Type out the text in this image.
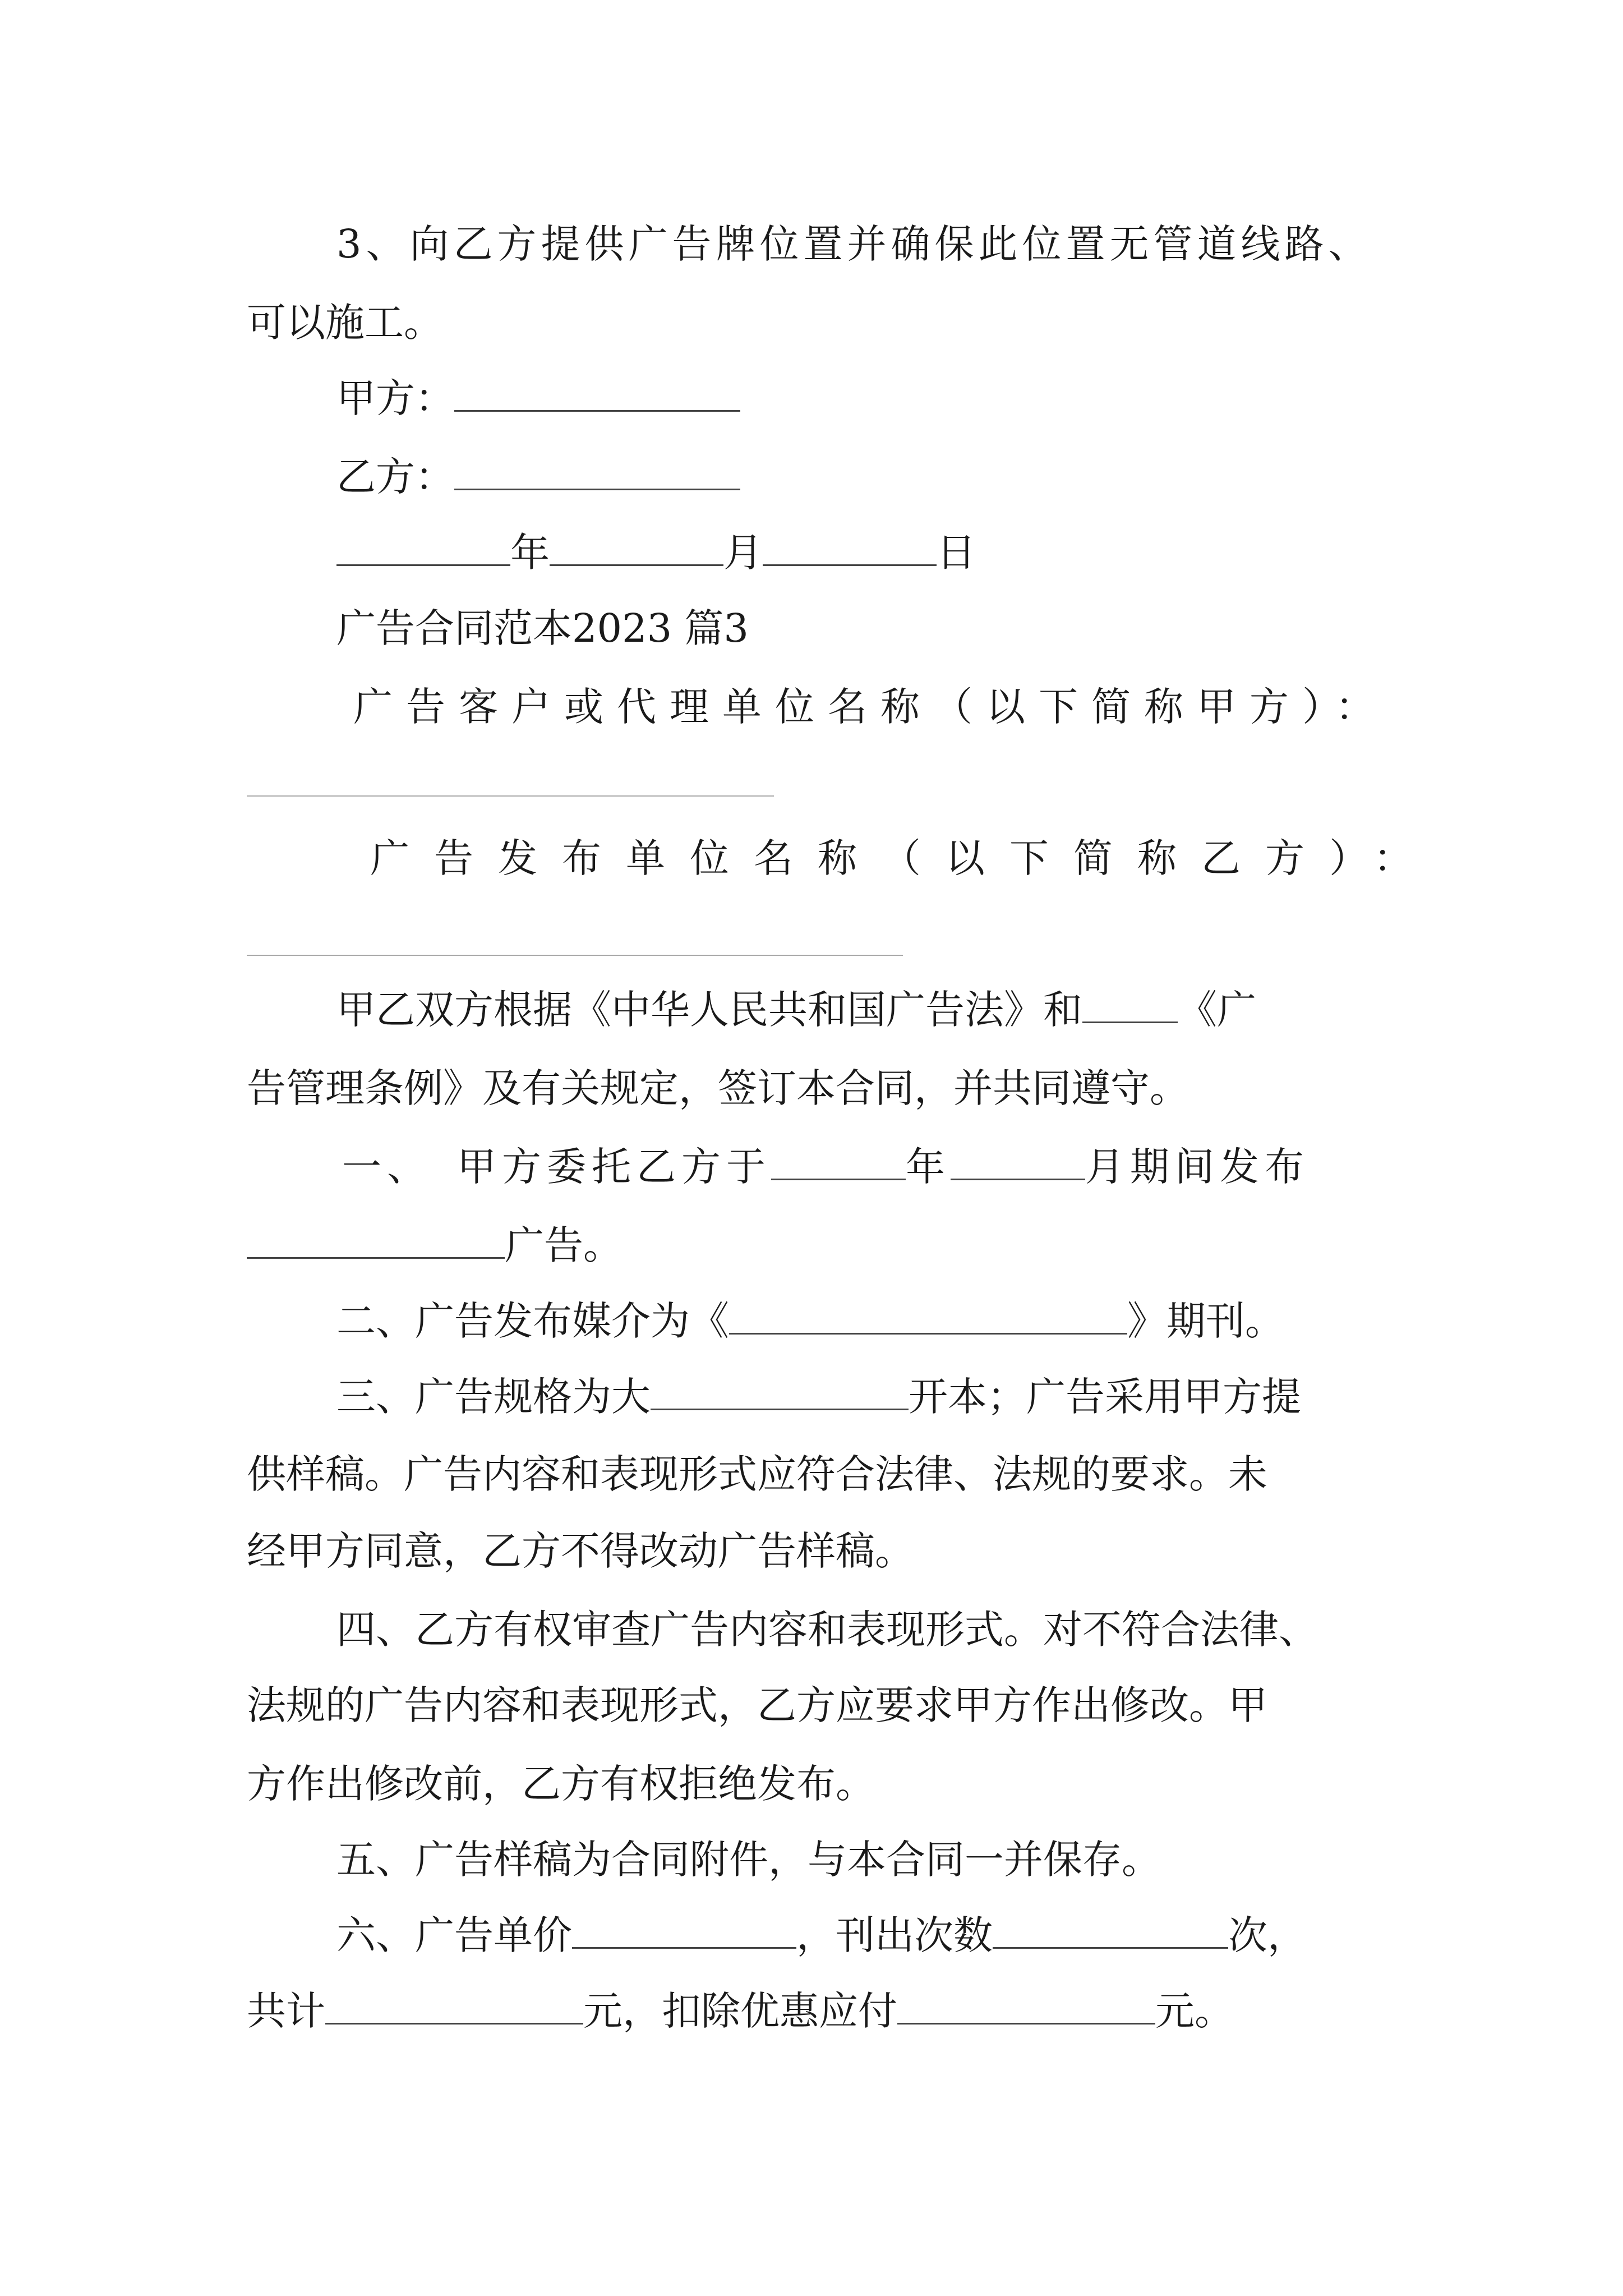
3、向乙方提供广告牌位置并确保此位置无管道线路、
可以施工。
甲方：
乙方：
年	月	日
广告合同范本2023 篇3
广告客户或代理单位名称（以下简称甲方）：
广告发布单位名称（以下简称乙方）：
甲乙双方根据《中华人民共和国广告法》和 《广
告管理条例》及有关规定，签订本合同，并共同遵守。
一、　甲方委托乙方于	年	月期间发布
广告。
二、广告发布媒介为《	》期刊。
三、广告规格为大	开本；广告采用甲方提
供样稿。广告内容和表现形式应符合法律、法规的要求。未
经甲方同意，乙方不得改动广告样稿。
四、乙方有权审查广告内容和表现形式。对不符合法律、
法规的广告内容和表现形式，乙方应要求甲方作出修改。甲
方作出修改前，乙方有权拒绝发布。
五、广告样稿为合同附件，与本合同一并保存。
六、广告单价	，刊出次数	次，
共计	元，扣除优惠应付	元。
